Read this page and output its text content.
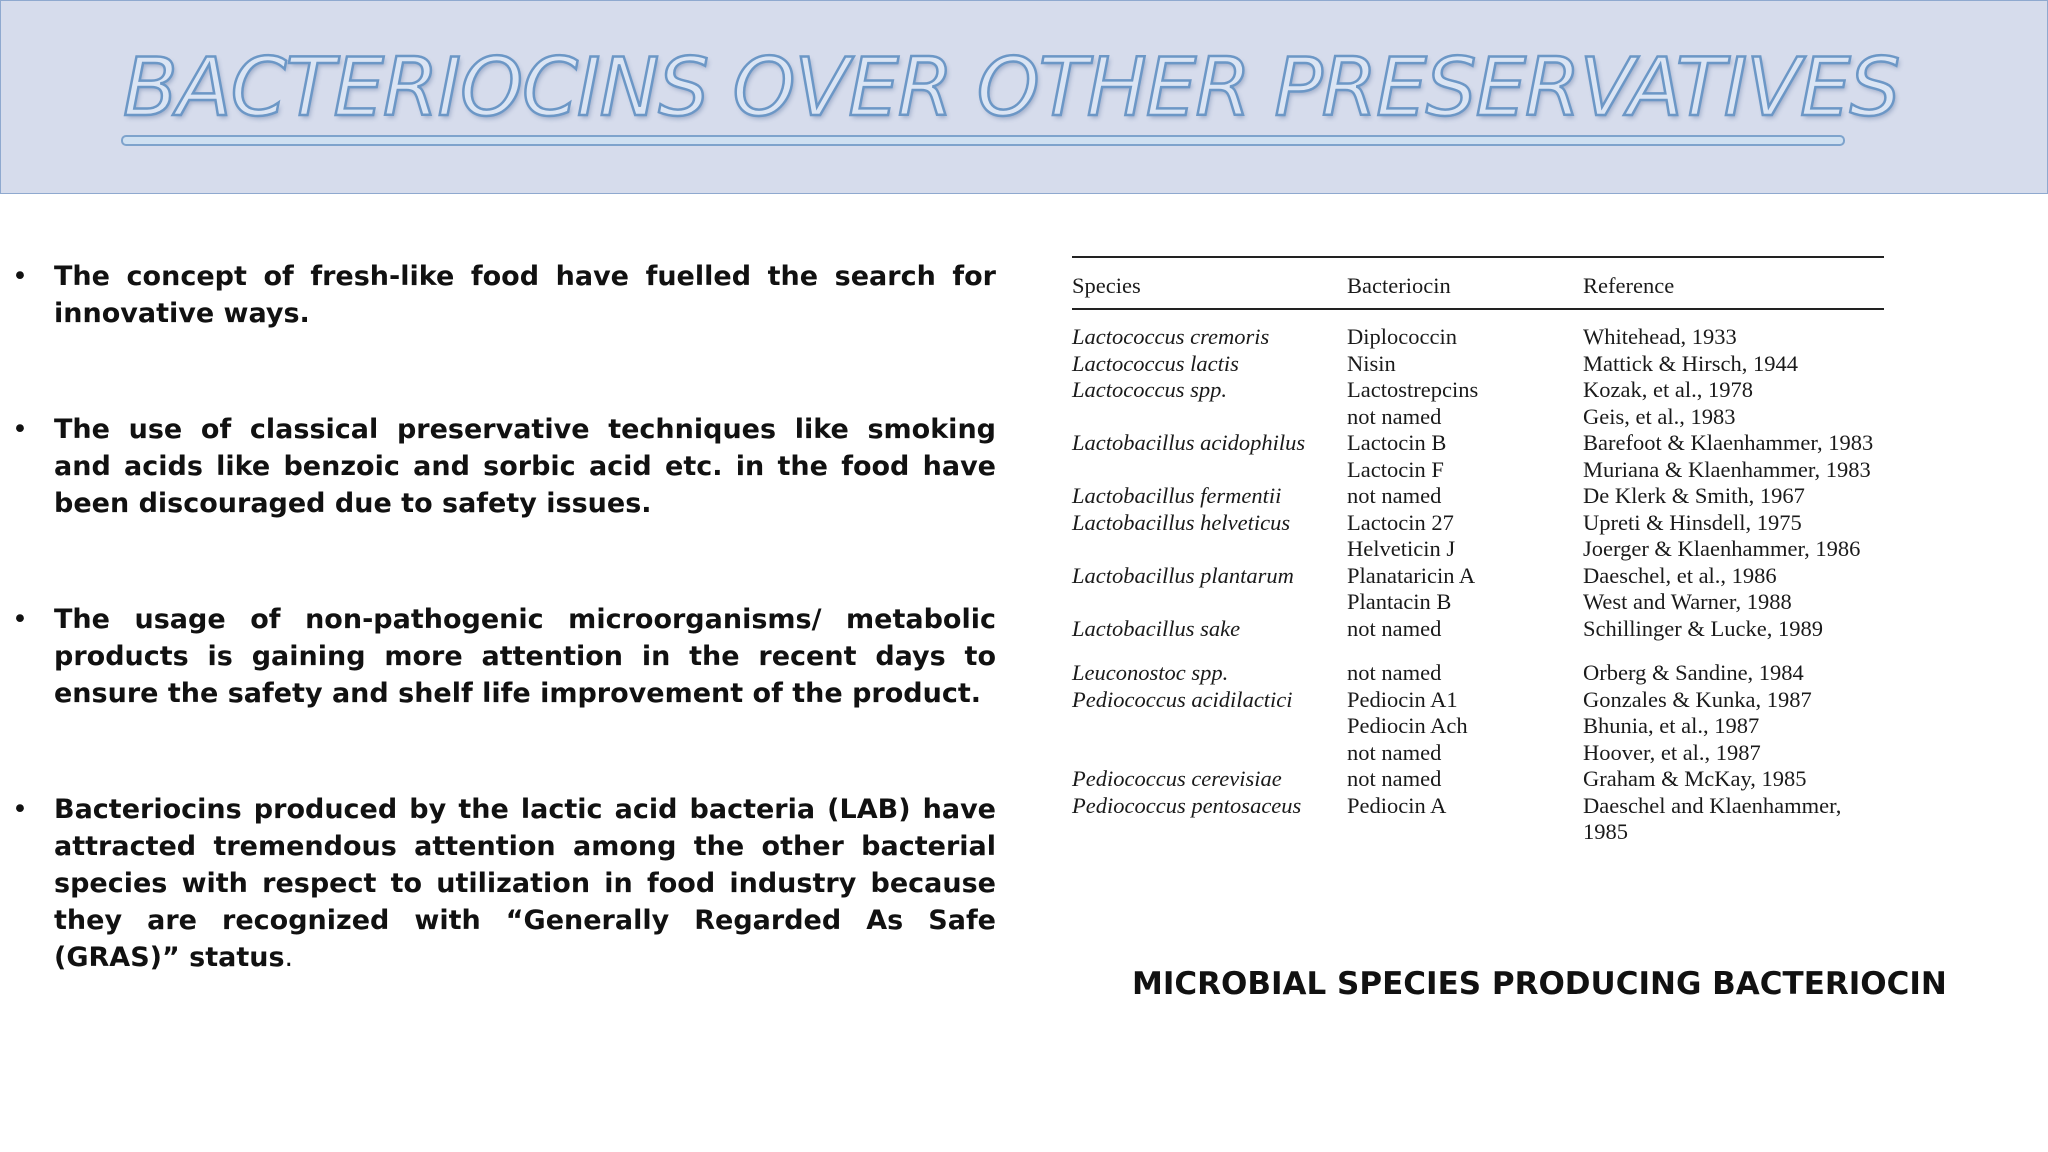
BACTERIOCINS OVER OTHER PRESERVATIVES
• The concept of fresh-like food have fuelled the search for innovative ways.
• The use of classical preservative techniques like smoking and acids like benzoic and sorbic acid etc. in the food have been discouraged due to safety issues.
• The usage of non-pathogenic microorganisms/ metabolic products is gaining more attention in the recent days to ensure the safety and shelf life improvement of the product.
• Bacteriocins produced by the lactic acid bacteria (LAB) have attracted tremendous attention among the other bacterial species with respect to utilization in food industry because they are recognized with “Generally Regarded As Safe (GRAS)” status.
Species	Bacteriocin	Reference

Lactococcus cremoris	Diplococcin	Whitehead, 1933
Lactococcus lactis	Nisin	Mattick & Hirsch, 1944
Lactococcus spp.	Lactostrepcins	Kozak, et al., 1978
	not named	Geis, et al., 1983
Lactobacillus acidophilus	Lactocin B	Barefoot & Klaenhammer, 1983
	Lactocin F	Muriana & Klaenhammer, 1983
Lactobacillus fermentii	not named	De Klerk & Smith, 1967
Lactobacillus helveticus	Lactocin 27	Upreti & Hinsdell, 1975
	Helveticin J	Joerger & Klaenhammer, 1986
Lactobacillus plantarum	Planataricin A	Daeschel, et al., 1986
	Plantacin B	West and Warner, 1988
Lactobacillus sake	not named	Schillinger & Lucke, 1989
Leuconostoc spp.	not named	Orberg & Sandine, 1984
Pediococcus acidilactici	Pediocin A1	Gonzales & Kunka, 1987
	Pediocin Ach	Bhunia, et al., 1987
	not named	Hoover, et al., 1987
Pediococcus cerevisiae	not named	Graham & McKay, 1985
Pediococcus pentosaceus	Pediocin A	Daeschel and Klaenhammer, 1985
MICROBIAL SPECIES PRODUCING BACTERIOCIN
